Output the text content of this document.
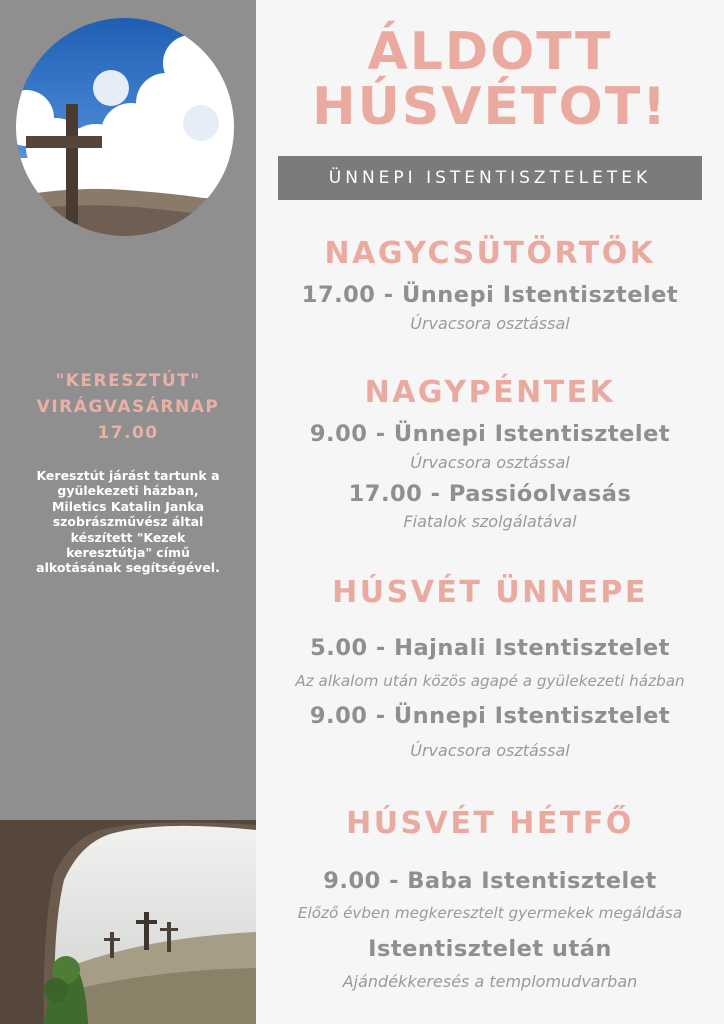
"KERESZTÚT"
VIRÁGVASÁRNAP
17.00
Keresztút járást tartunk a
gyülekezeti házban,
Miletics Katalin Janka
szobrászművész által
készített "Kezek
keresztútja" című
alkotásának segítségével.
ÁLDOTT
HÚSVÉTOT!
ÜNNEPI ISTENTISZTELETEK
NAGYCSÜTÖRTÖK
17.00 - Ünnepi Istentisztelet
Úrvacsora osztással
NAGYPÉNTEK
9.00 - Ünnepi Istentisztelet
Úrvacsora osztással
17.00 - Passióolvasás
Fiatalok szolgálatával
HÚSVÉT ÜNNEPE
5.00 - Hajnali Istentisztelet
Az alkalom után közös agapé a gyülekezeti házban
9.00 - Ünnepi Istentisztelet
Úrvacsora osztással
HÚSVÉT HÉTFŐ
9.00 - Baba Istentisztelet
Előző évben megkeresztelt gyermekek megáldása
Istentisztelet után
Ajándékkeresés a templomudvarban
